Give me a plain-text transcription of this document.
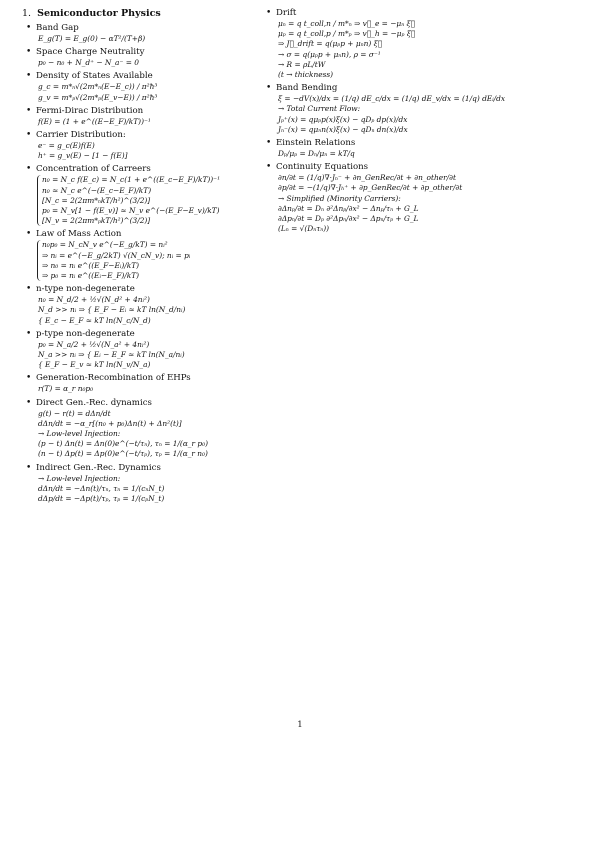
1. Semiconductor Physics
• Band Gap
E_g(T) = E_g(0) − αT²/(T+β)
• Space Charge Neutrality
p₀ − n₀ + N_d⁺ − N_a⁻ = 0
• Density of States Available
g_c = m*ₙ√(2m*ₙ(E−E_c)) / π²ħ³
g_v = m*ₚ√(2m*ₚ(E_v−E)) / π²ħ³
• Fermi-Dirac Distribution
f(E) = (1 + e^((E−E_F)/kT))⁻¹
• Carrier Distribution:
e⁻ = g_c(E)f(E)
h⁺ = g_v(E) − [1 − f(E)]
• Concentration of Carreers
n₀ = N_c f(E_c) = N_c(1 + e^((E_c−E_F)/kT))⁻¹
n₀ ≈ N_c e^(−(E_c−E_F)/kT)
[N_c = 2(2πm*ₙkT/h²)^(3/2)]
p₀ = N_v[1 − f(E_v)] ≈ N_v e^(−(E_F−E_v)/kT)
[N_v = 2(2πm*ₚkT/h²)^(3/2)]
• Law of Mass Action
n₀p₀ = N_cN_v e^(−E_g/kT) = nᵢ²
⇒ nᵢ = e^(−E_g/2kT) √(N_cN_v); nᵢ = pᵢ
⇒ n₀ = nᵢ e^((E_F−Eᵢ)/kT)
⇒ p₀ = nᵢ e^((Eᵢ−E_F)/kT)
• n-type non-degenerate
n₀ = N_d/2 + ½√(N_d² + 4nᵢ²)
N_d >> nᵢ ⇒ { E_F − Eᵢ ≈ kT ln(N_d/nᵢ)
{ E_c − E_F ≈ kT ln(N_c/N_d)
• p-type non-degenerate
p₀ = N_a/2 + ½√(N_a² + 4nᵢ²)
N_a >> nᵢ ⇒ { Eᵢ − E_F ≈ kT ln(N_a/nᵢ)
{ E_F − E_v ≈ kT ln(N_v/N_a)
• Generation-Recombination of EHPs
r(T) = α_r n₀p₀
• Direct Gen.-Rec. dynamics
g(t) − r(t) = dΔn/dt
dΔn/dt = −α_r[(n₀ + p₀)Δn(t) + Δn²(t)]
→ Low-level Injection:
(p − t) Δn(t) = Δn(0)e^(−t/τₙ), τₙ = 1/(α_r p₀)
(n − t) Δp(t) = Δp(0)e^(−t/τₚ), τₚ = 1/(α_r n₀)
• Indirect Gen.-Rec. Dynamics
→ Low-level Injection:
dΔn/dt = −Δn(t)/τₙ, τₙ = 1/(cₙN_t)
dΔp/dt = −Δp(t)/τₚ, τₚ = 1/(cₚN_t)
• Drift
μₙ = q t_coll,n / m*ₙ ⇒ v⃗_e = −μₙ ξ⃗
μₚ = q t_coll,p / m*ₚ ⇒ v⃗_h = −μₚ ξ⃗
⇒ J⃗_drift = q(μₚp + μₙn) ξ⃗
→ σ = q(μₚp + μₙn), ρ = σ⁻¹
→ R = ρL/tW
(t → thickness)
• Band Bending
ξ = −dV(x)/dx = (1/q) dE_c/dx = (1/q) dE_v/dx = (1/q) dEᵢ/dx
→ Total Current Flow:
Jₚ⁺(x) = qμₚp(x)ξ(x) − qDₚ dp(x)/dx
Jₙ⁻(x) = qμₙn(x)ξ(x) − qDₙ dn(x)/dx
• Einstein Relations
Dₚ/μₚ = Dₙ/μₙ = kT/q
• Continuity Equations
∂n/∂t = (1/q)∇·Jₙ⁻ + ∂n_GenRec/∂t + ∂n_other/∂t
∂p/∂t = −(1/q)∇·Jₕ⁺ + ∂p_GenRec/∂t + ∂p_other/∂t
→ Simplified (Minority Carriers):
∂Δnₚ/∂t = Dₙ ∂²Δnₚ/∂x² − Δnₚ/τₙ + G_L
∂Δpₙ/∂t = Dₚ ∂²Δpₙ/∂x² − Δpₙ/τₚ + G_L
(Lₙ = √(Dₙτₙ))
1
